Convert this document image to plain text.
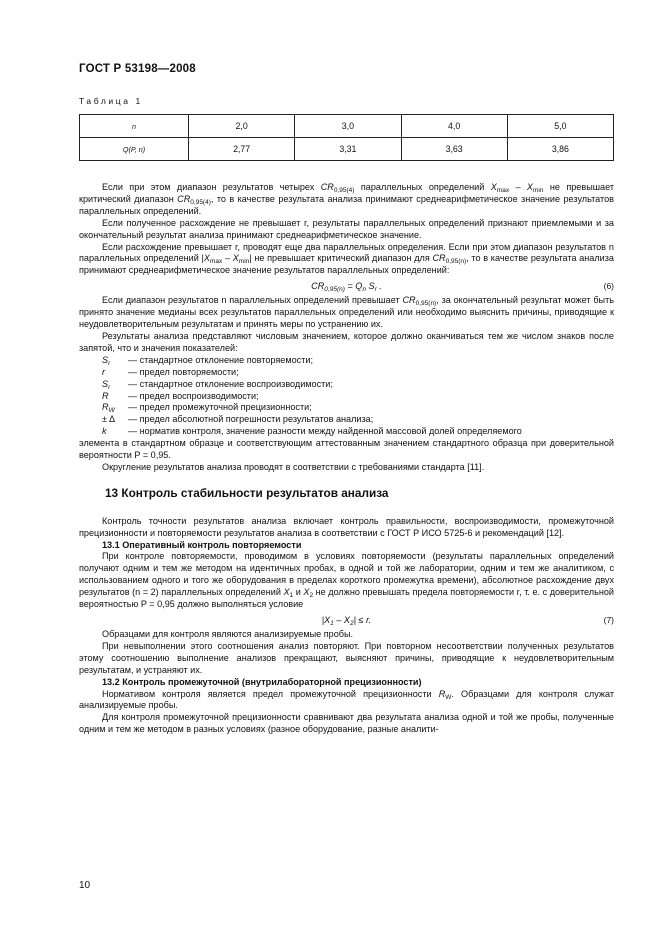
ГОСТ Р 53198—2008
Таблица 1
n	2,0	3,0	4,0	5,0
Q(P, n)	2,77	3,31	3,63	3,86

Если при этом диапазон результатов четырех $CR_{0,95(4)}$ параллельных определений $X_{max} - X_{min}$ не превышает критический диапазон $CR_{0,95(4)}$, то в качестве результата анализа принимают среднеарифметическое значение результатов параллельных определений.

Если полученное расхождение не превышает r, результаты параллельных определений признают приемлемыми и за окончательный результат анализа принимают среднеарифметическое значение.

Если расхождение превышает r, проводят еще два параллельных определения. Если при этом диапазон результатов n параллельных определений $|X_{max} - X_{min}|$ не превышает критический диапазон для $CR_{0,95(n)}$, то в качестве результата анализа принимают среднеарифметическое значение результатов параллельных определений:

$CR_{0,95(n)} = Q_n$ $S_r$ .	(6)

Если диапазон результатов n параллельных определений превышает $CR_{0,95(n)}$, за окончательный результат может быть принято значение медианы всех результатов параллельных определений или необходимо выяснить причины, приводящие к неудовлетворительным результатам и принять меры по устранению их.

Результаты анализа представляют числовым значением, которое должно оканчиваться тем же числом знаков после запятой, что и значения показателей:

$S_r$	— стандартное отклонение повторяемости;
r	— предел повторяемости;
$S_r$	— стандартное отклонение воспроизводимости;
R	— предел воспроизводимости;
$R_W$	— предел промежуточной прецизионности;
± Δ	— предел абсолютной погрешности результатов анализа;
k	— норматив контроля, значение разности между найденной массовой долей определяемого

элемента в стандартном образце и соответствующим аттестованным значением стандартного образца при доверительной вероятности P = 0,95.

Округление результатов анализа проводят в соответствии с требованиями стандарта [11].

13 Контроль стабильности результатов анализа

Контроль точности результатов анализа включает контроль правильности, воспроизводимости, промежуточной прецизионности и повторяемости результатов анализа в соответствии с ГОСТ Р ИСО 5725-6 и рекомендаций [12].

13.1 Оперативный контроль повторяемости

При контроле повторяемости, проводимом в условиях повторяемости (результаты параллельных определений получают одним и тем же методом на идентичных пробах, в одной и той же лаборатории, одним и тем же аналитиком, с использованием одного и того же оборудования в пределах короткого промежутка времени), абсолютное расхождение двух результатов (n = 2) параллельных определений $X_1$ и $X_2$ не должно превышать предела повторяемости r, т. е. с доверительной вероятностью P = 0,95 должно выполняться условие

$|X_1 - X_2| \le r$.	(7)

Образцами для контроля являются анализируемые пробы.

При невыполнении этого соотношения анализ повторяют. При повторном несоответствии полученных результатов этому соотношению выполнение анализов прекращают, выясняют причины, приводящие к неудовлетворительным результатам, и устраняют их.

13.2 Контроль промежуточной (внутрилабораторной прецизионности)

Нормативом контроля является предел промежуточной прецизионности $R_W$. Образцами для контроля служат анализируемые пробы.

Для контроля промежуточной прецизионности сравнивают два результата анализа одной и той же пробы, полученные одним и тем же методом в разных условиях (разное оборудование, разные аналити-

10
